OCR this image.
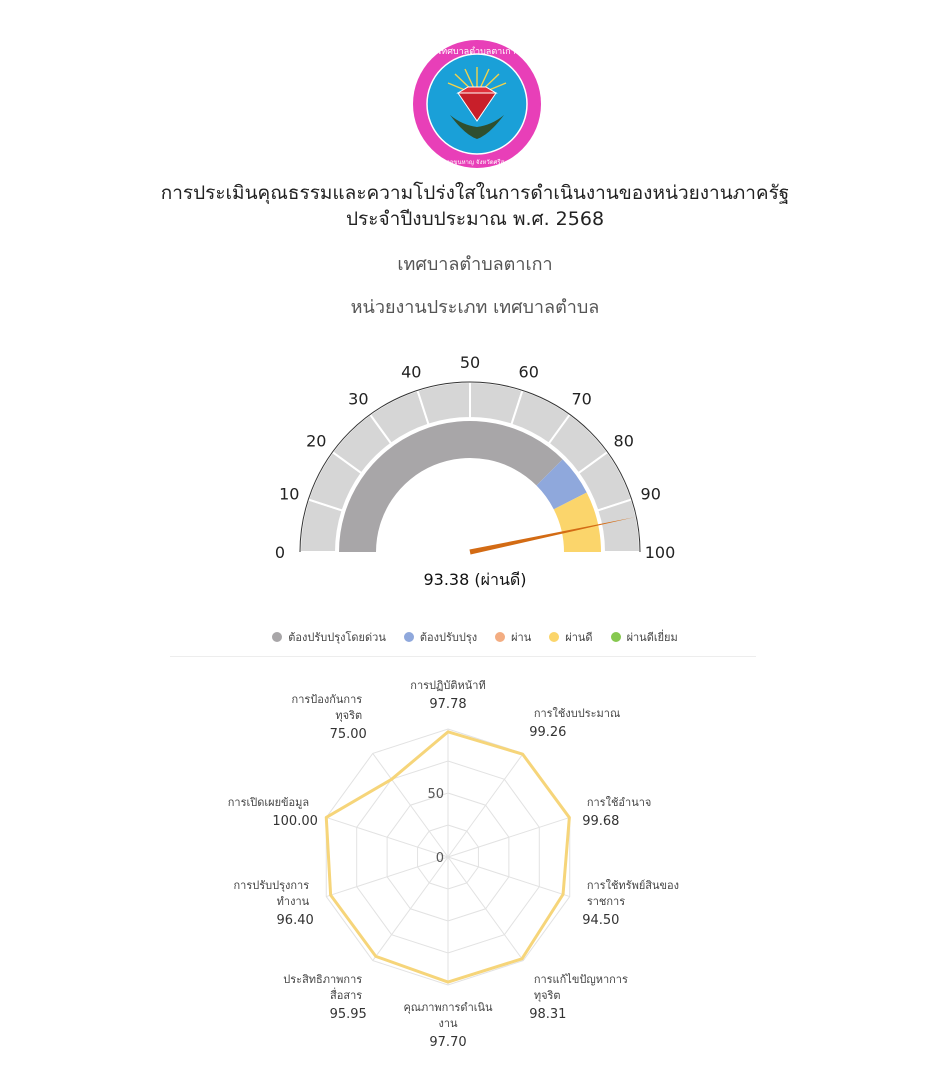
เทศบาลตำบลตาเกา
อำเภอขุนหาญ จังหวัดศรีสะเกษ
การประเมินคุณธรรมและความโปร่งใสในการดำเนินงานของหน่วยงานภาครัฐ
ประจำปีงบประมาณ พ.ศ. 2568
เทศบาลตำบลตาเกา
หน่วยงานประเภท เทศบาลตำบล
0
10
20
30
40 50 60
70
80
90
100
93.38 (ผ่านดี)
ต้องปรับปรุงโดยด่วน	ต้องปรับปรุง	ผ่าน	ผ่านดี	ผ่านดีเยี่ยม
0
50
การปฏิบัติหน้าที่
97.78
การใช้งบประมาณ
99.26
การใช้อำนาจ
99.68
การใช้ทรัพย์สินของ
ราชการ
94.50
การแก้ไขปัญหาการ
ทุจริต
98.31
คุณภาพการดำเนิน
งาน
97.70
ประสิทธิภาพการ
สื่อสาร
95.95
การปรับปรุงการ
ทำงาน
96.40
การเปิดเผยข้อมูล
100.00
การป้องกันการ
ทุจริต
75.00
